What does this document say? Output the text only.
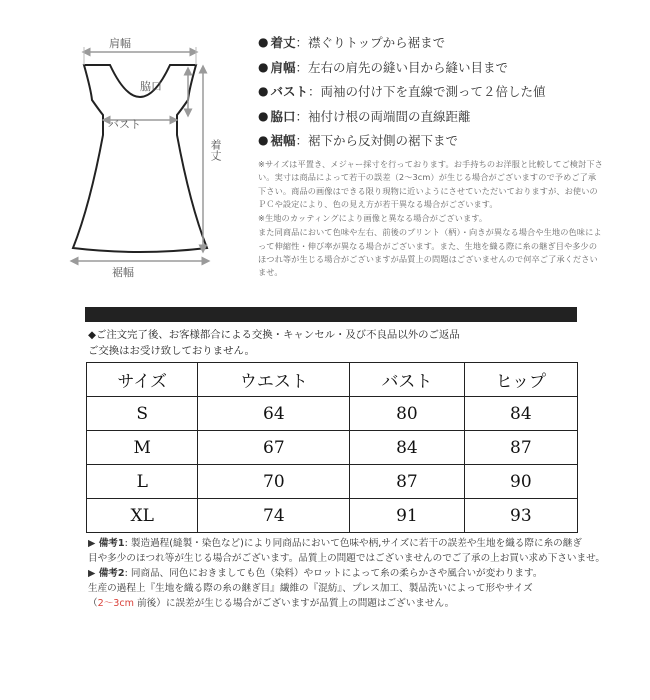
肩幅
脇口
バスト
着丈
裾幅
● 着丈 ：襟ぐりトップから裾まで
● 肩幅 ：左右の肩先の縫い目から縫い目まで
● バスト ：両袖の付け下を直線で測って２倍した値
● 脇口 ：袖付け根の両端間の直線距離
● 裾幅 ：裾下から反対側の裾下まで

※サイズは平置き、メジャー採寸を行っております。お手持ちのお洋服と比較してご検討下さい。実寸は商品によって若干の誤差（2～3cm）が生じる場合がございますので予めご了承下さい。商品の画像はできる限り現物に近いようにさせていただいておりますが、お使いのＰＣや設定により、色の見え方が若干異なる場合がございます。

※生地のカッティングにより画像と異なる場合がございます。

また同商品において色味や左右、前後のプリント（柄）・向きが異なる場合や生地の色味によって伸縮性・伸び率が異なる場合がございます。また、生地を織る際に糸の継ぎ目や多少のほつれ等が生じる場合がございますが品質上の問題はございませんので何卒ご了承くださいませ。

◆ご注文完了後、お客様都合による交換・キャンセル・及び不良品以外のご返品
ご交換はお受け致しておりません。
サイズ	ウエスト	バスト	ヒップ
S	64	80	84
M	67	84	87
L	70	87	90
XL	74	91	93
▶ 備考1: 製造過程(縫製・染色など)により同商品において色味や柄,サイズに若干の誤差や生地を織る際に糸の継ぎ
目や多少のほつれ等が生じる場合がございます。品質上の問題ではございませんのでご了承の上お買い求め下さいませ。
▶ 備考2: 同商品、同色におきましても色（染料）やロットによって糸の柔らかさや風合いが変わります。
生産の過程上『生地を織る際の糸の継ぎ目』繊維の『混紡』、プレス加工、製品洗いによって形やサイズ
（2～3cm 前後）に誤差が生じる場合がございますが品質上の問題はございません。
